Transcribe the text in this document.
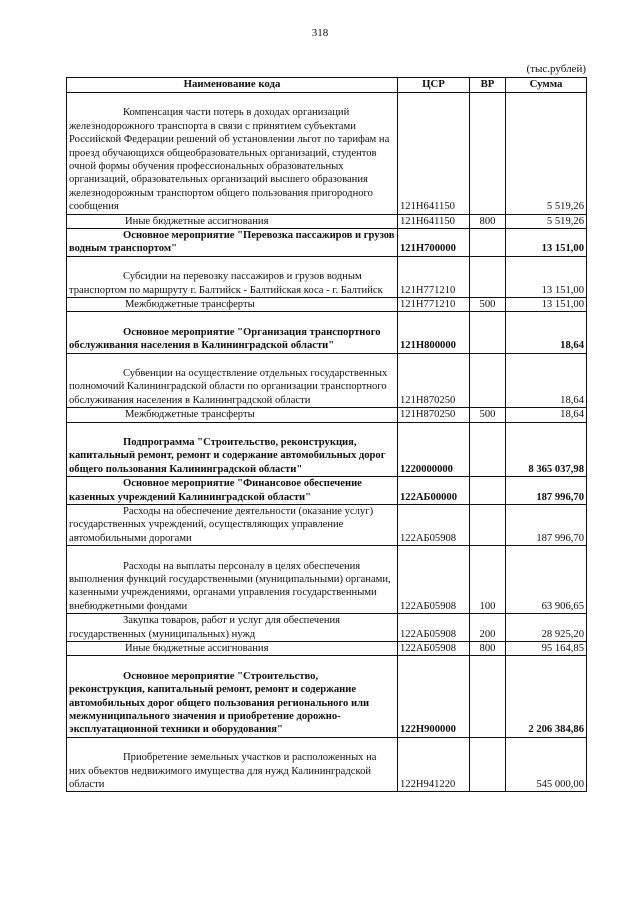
318
(тыс.рублей)
Наименование кода	ЦСР	ВР	Сумма
Компенсация части потерь в доходах организаций железнодорожного транспорта в связи с принятием субъектами Российской Федерации решений об установлении льгот по тарифам на проезд обучающихся общеобразовательных организаций, студентов очной формы обучения профессиональных образовательных организаций, образовательных организаций высшего образования железнодорожным транспортом общего пользования пригородного сообщения	121Н641150		5 519,26
Иные бюджетные ассигнования	121Н641150	800	5 519,26
Основное мероприятие "Перевозка пассажиров и грузов водным транспортом"	121Н700000		13 151,00
Субсидии на перевозку пассажиров и грузов водным транспортом по маршруту г. Балтийск - Балтийская коса - г. Балтийск	121Н771210		13 151,00
Межбюджетные трансферты	121Н771210	500	13 151,00
Основное мероприятие "Организация транспортного обслуживания населения в Калининградской области"	121Н800000		18,64
Субвенции на осуществление отдельных государственных полномочий Калининградской области по организации транспортного обслуживания населения в Калининградской области	121Н870250		18,64
Межбюджетные трансферты	121Н870250	500	18,64
Подпрограмма "Строительство, реконструкция, капитальный ремонт, ремонт и содержание автомобильных дорог общего пользования Калининградской области"	1220000000		8 365 037,98
Основное мероприятие "Финансовое обеспечение казенных учреждений Калининградской области"	122АБ00000		187 996,70
Расходы на обеспечение деятельности (оказание услуг) государственных учреждений, осуществляющих управление автомобильными дорогами	122АБ05908		187 996,70
Расходы на выплаты персоналу в целях обеспечения выполнения функций государственными (муниципальными) органами, казенными учреждениями, органами управления государственными внебюджетными фондами	122АБ05908	100	63 906,65
Закупка товаров, работ и услуг для обеспечения государственных (муниципальных) нужд	122АБ05908	200	28 925,20
Иные бюджетные ассигнования	122АБ05908	800	95 164,85
Основное мероприятие "Строительство, реконструкция, капитальный ремонт, ремонт и содержание автомобильных дорог общего пользования регионального или межмуниципального значения и приобретение дорожно-эксплуатационной техники и оборудования"	122Н900000		2 206 384,86
Приобретение земельных участков и расположенных на них объектов недвижимого имущества для нужд Калининградской области	122Н941220		545 000,00
